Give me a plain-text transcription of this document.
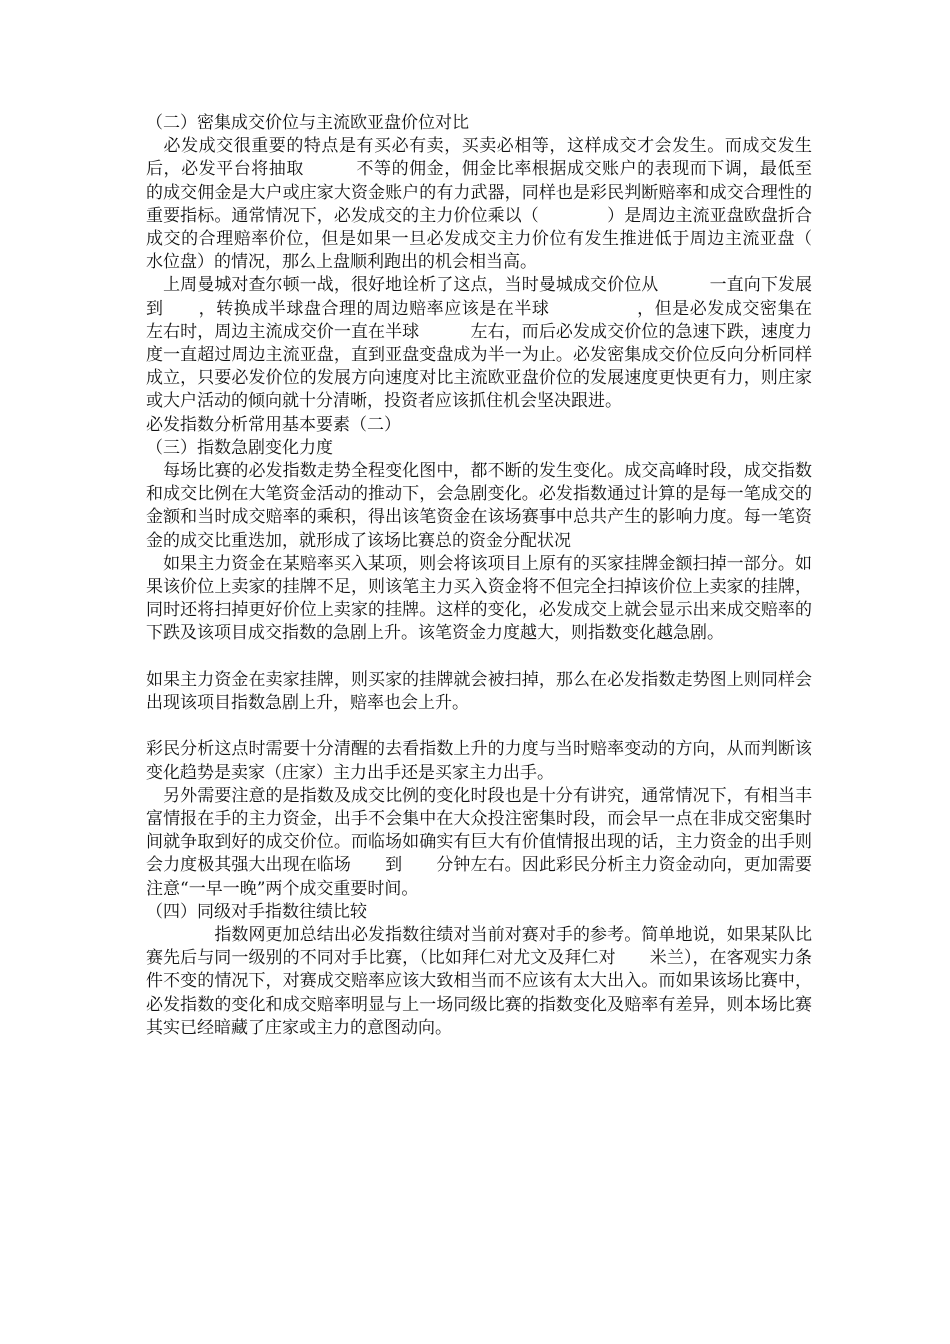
（二）密集成交价位与主流欧亚盘价位对比

　必发成交很重要的特点是有买必有卖，买卖必相等，这样成交才会发生。而成交发生后，必发平台将抽取　　　不等的佣金，佣金比率根据成交账户的表现而下调，最低至　 的成交佣金是大户或庄家大资金账户的有力武器，同样也是彩民判断赔率和成交合理性的重要指标。通常情况下，必发成交的主力价位乘以（　　　　）是周边主流亚盘欧盘折合成交的合理赔率价位，但是如果一旦必发成交主力价位有发生推进低于周边主流亚盘（　　 水位盘）的情况，那么上盘顺利跑出的机会相当高。

　上周曼城对查尔顿一战，很好地诠析了这点，当时曼城成交价位从　　　一直向下发展到　　，转换成半球盘合理的周边赔率应该是在半球　　　　　，但是必发成交密集在　　　左右时，周边主流成交价一直在半球　　　左右，而后必发成交价位的急速下跌，速度力度一直超过周边主流亚盘，直到亚盘变盘成为半一为止。必发密集成交价位反向分析同样成立，只要必发价位的发展方向速度对比主流欧亚盘价位的发展速度更快更有力，则庄家或大户活动的倾向就十分清晰，投资者应该抓住机会坚决跟进。

必发指数分析常用基本要素（二）

（三）指数急剧变化力度

　每场比赛的必发指数走势全程变化图中，都不断的发生变化。成交高峰时段，成交指数和成交比例在大笔资金活动的推动下，会急剧变化。必发指数通过计算的是每一笔成交的金额和当时成交赔率的乘积，得出该笔资金在该场赛事中总共产生的影响力度。每一笔资金的成交比重迭加，就形成了该场比赛总的资金分配状况

　如果主力资金在某赔率买入某项，则会将该项目上原有的买家挂牌金额扫掉一部分。如果该价位上卖家的挂牌不足，则该笔主力买入资金将不但完全扫掉该价位上卖家的挂牌，同时还将扫掉更好价位上卖家的挂牌。这样的变化，必发成交上就会显示出来成交赔率的下跌及该项目成交指数的急剧上升。该笔资金力度越大，则指数变化越急剧。

如果主力资金在卖家挂牌，则买家的挂牌就会被扫掉，那么在必发指数走势图上则同样会出现该项目指数急剧上升，赔率也会上升。

彩民分析这点时需要十分清醒的去看指数上升的力度与当时赔率变动的方向，从而判断该变化趋势是卖家（庄家）主力出手还是买家主力出手。

　另外需要注意的是指数及成交比例的变化时段也是十分有讲究，通常情况下，有相当丰富情报在手的主力资金，出手不会集中在大众投注密集时段，而会早一点在非成交密集时间就争取到好的成交价位。而临场如确实有巨大有价值情报出现的话，主力资金的出手则会力度极其强大出现在临场　　到　　分钟左右。因此彩民分析主力资金动向，更加需要注意“一早一晚”两个成交重要时间。

（四）同级对手指数往绩比较

　　　　指数网更加总结出必发指数往绩对当前对赛对手的参考。简单地说，如果某队比赛先后与同一级别的不同对手比赛，（比如拜仁对尤文及拜仁对　　米兰），在客观实力条件不变的情况下，对赛成交赔率应该大致相当而不应该有太大出入。而如果该场比赛中，必发指数的变化和成交赔率明显与上一场同级比赛的指数变化及赔率有差异，则本场比赛其实已经暗藏了庄家或主力的意图动向。
